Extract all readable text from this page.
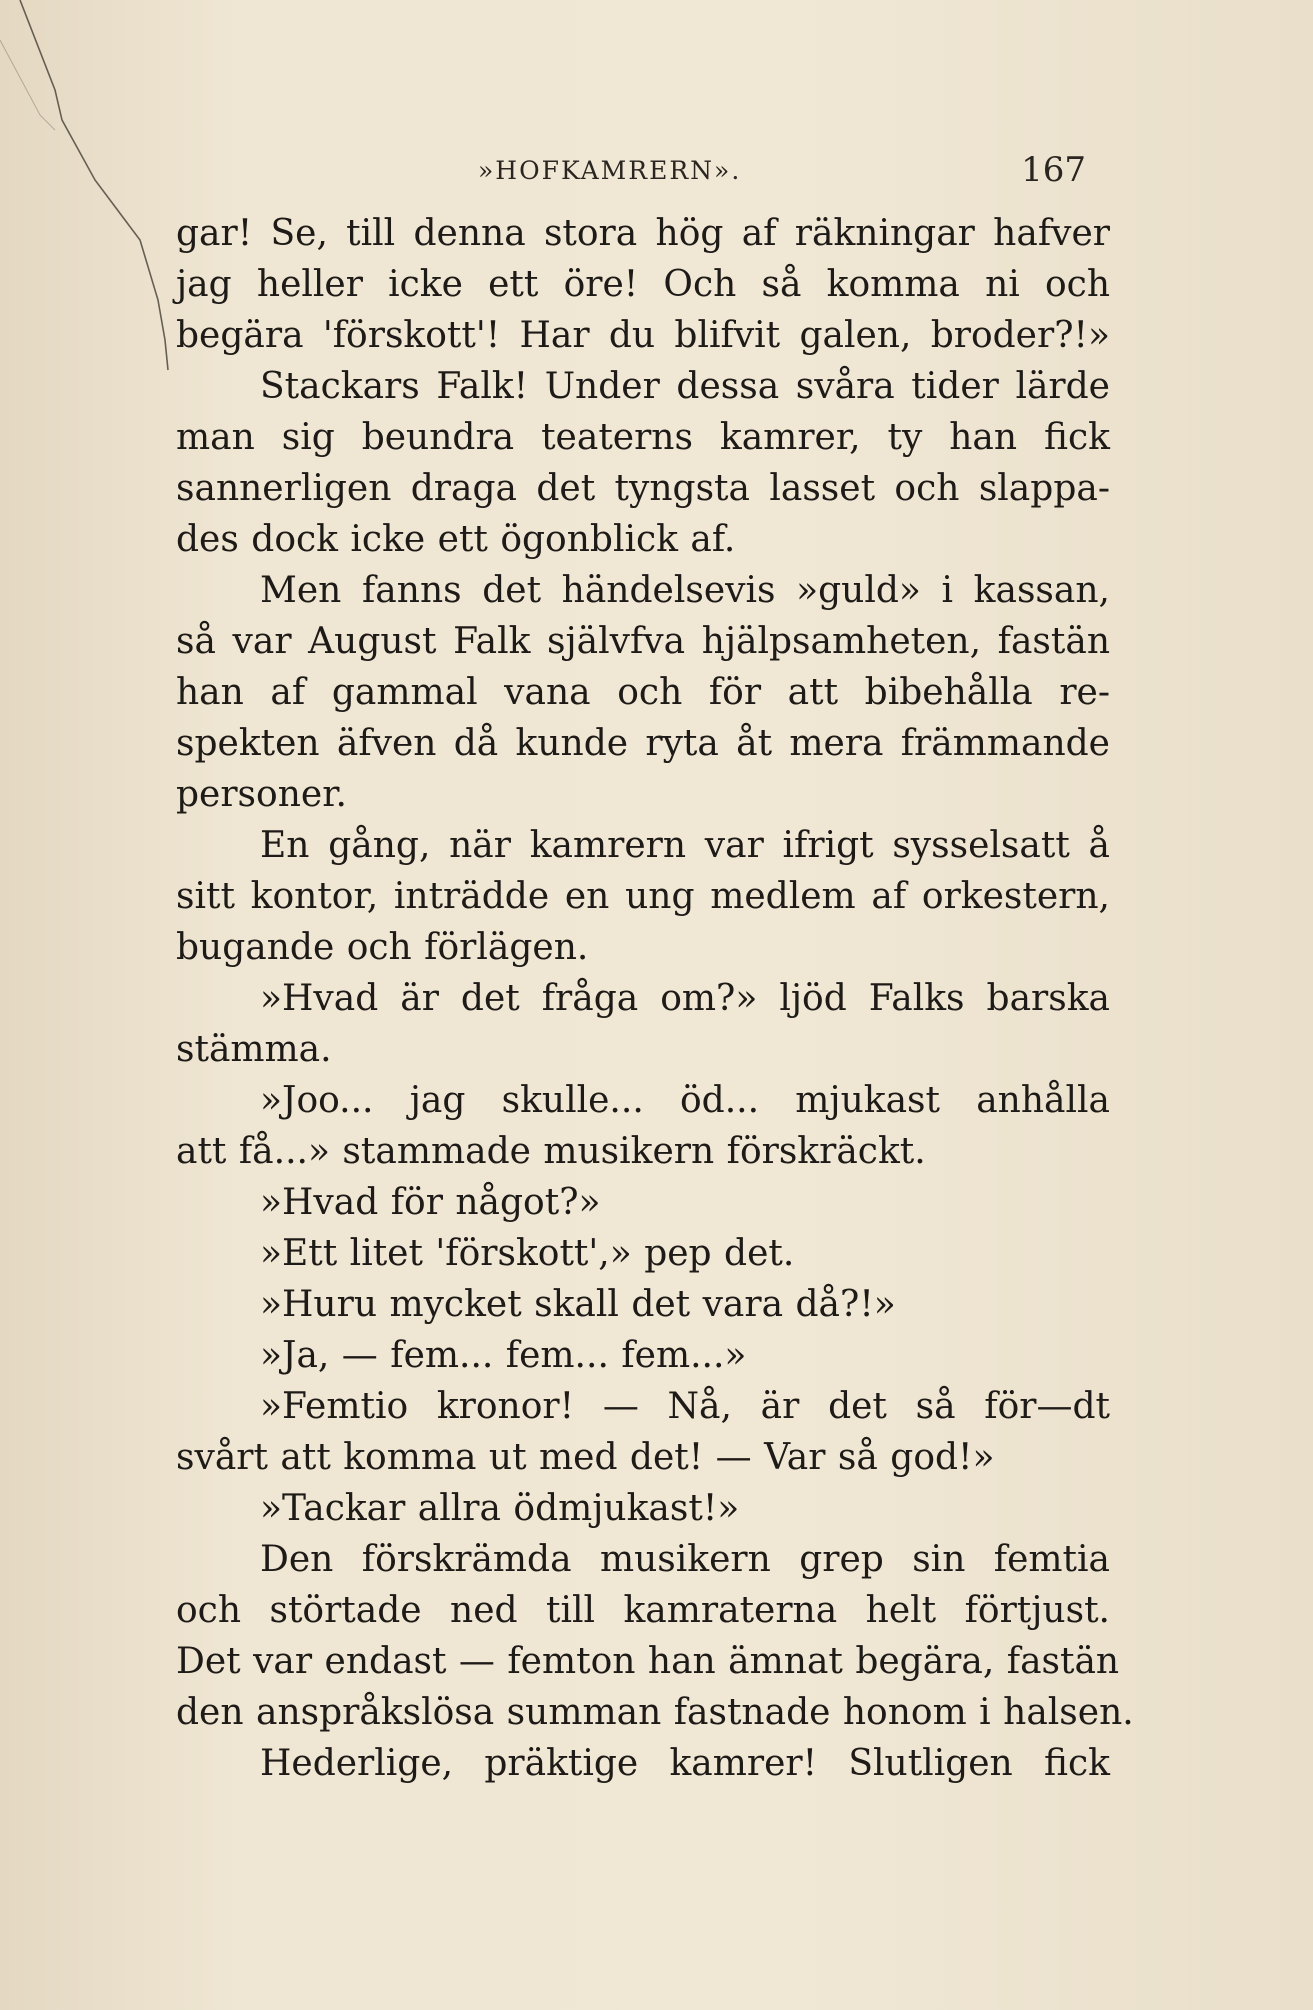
»HOFKAMRERN».	167
gar! Se, till denna stora hög af räkningar hafver
jag heller icke ett öre! Och så komma ni och
begära 'förskott'! Har du blifvit galen, broder?!»
Stackars Falk! Under dessa svåra tider lärde
man sig beundra teaterns kamrer, ty han fick
sannerligen draga det tyngsta lasset och slappa-
des dock icke ett ögonblick af.
Men fanns det händelsevis »guld» i kassan,
så var August Falk självfva hjälpsamheten, fastän
han af gammal vana och för att bibehålla re-
spekten äfven då kunde ryta åt mera främmande
personer.
En gång, när kamrern var ifrigt sysselsatt å
sitt kontor, inträdde en ung medlem af orkestern,
bugande och förlägen.
»Hvad är det fråga om?» ljöd Falks barska
stämma.
»Joo... jag skulle... öd... mjukast anhålla
att få...» stammade musikern förskräckt.
»Hvad för något?»
»Ett litet 'förskott',» pep det.
»Huru mycket skall det vara då?!»
»Ja, — fem... fem... fem...»
»Femtio kronor! — Nå, är det så för—dt
svårt att komma ut med det! — Var så god!»
»Tackar allra ödmjukast!»
Den förskrämda musikern grep sin femtia
och störtade ned till kamraterna helt förtjust.
Det var endast — femton han ämnat begära, fastän
den anspråkslösa summan fastnade honom i halsen.
Hederlige, präktige kamrer! Slutligen fick
